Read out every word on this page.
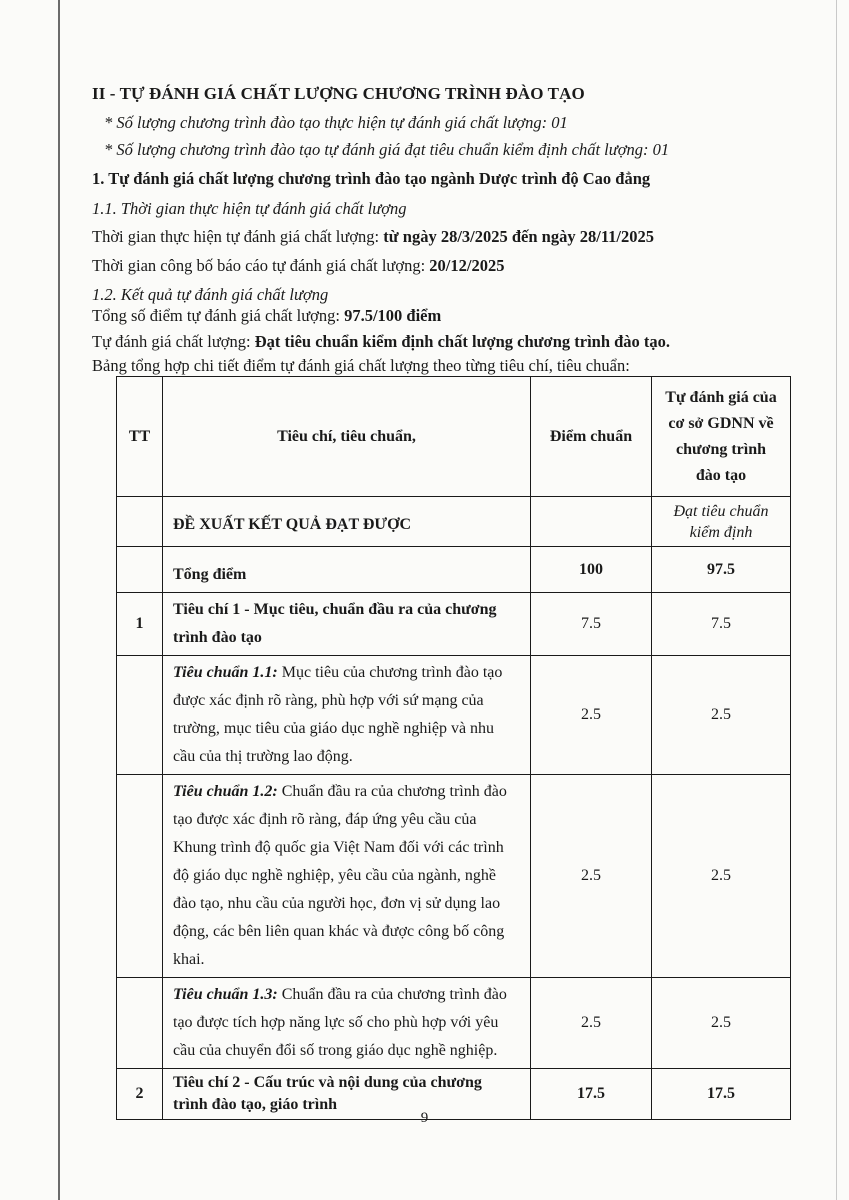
II - TỰ ĐÁNH GIÁ CHẤT LƯỢNG CHƯƠNG TRÌNH ĐÀO TẠO
* Số lượng chương trình đào tạo thực hiện tự đánh giá chất lượng: 01
* Số lượng chương trình đào tạo tự đánh giá đạt tiêu chuẩn kiểm định chất lượng: 01
1. Tự đánh giá chất lượng chương trình đào tạo ngành Dược trình độ Cao đẳng
1.1. Thời gian thực hiện tự đánh giá chất lượng
Thời gian thực hiện tự đánh giá chất lượng: từ ngày 28/3/2025 đến ngày 28/11/2025
Thời gian công bố báo cáo tự đánh giá chất lượng: 20/12/2025
1.2. Kết quả tự đánh giá chất lượng
Tổng số điểm tự đánh giá chất lượng: 97.5/100 điểm
Tự đánh giá chất lượng: Đạt tiêu chuẩn kiểm định chất lượng chương trình đào tạo.
Bảng tổng hợp chi tiết điểm tự đánh giá chất lượng theo từng tiêu chí, tiêu chuẩn:
TT	Tiêu chí, tiêu chuẩn,	Điểm chuẩn	Tự đánh giá của cơ sở GDNN về chương trình đào tạo
	ĐỀ XUẤT KẾT QUẢ ĐẠT ĐƯỢC		Đạt tiêu chuẩn kiểm định
	Tổng điểm	100	97.5
1	Tiêu chí 1 - Mục tiêu, chuẩn đầu ra của chương trình đào tạo	7.5	7.5
	Tiêu chuẩn 1.1: Mục tiêu của chương trình đào tạo được xác định rõ ràng, phù hợp với sứ mạng của trường, mục tiêu của giáo dục nghề nghiệp và nhu cầu của thị trường lao động.	2.5	2.5
	Tiêu chuẩn 1.2: Chuẩn đầu ra của chương trình đào tạo được xác định rõ ràng, đáp ứng yêu cầu của Khung trình độ quốc gia Việt Nam đối với các trình độ giáo dục nghề nghiệp, yêu cầu của ngành, nghề đào tạo, nhu cầu của người học, đơn vị sử dụng lao động, các bên liên quan khác và được công bố công khai.	2.5	2.5
	Tiêu chuẩn 1.3: Chuẩn đầu ra của chương trình đào tạo được tích hợp năng lực số cho phù hợp với yêu cầu của chuyển đổi số trong giáo dục nghề nghiệp.	2.5	2.5
2	Tiêu chí 2 - Cấu trúc và nội dung của chương trình đào tạo, giáo trình	17.5	17.5
9
